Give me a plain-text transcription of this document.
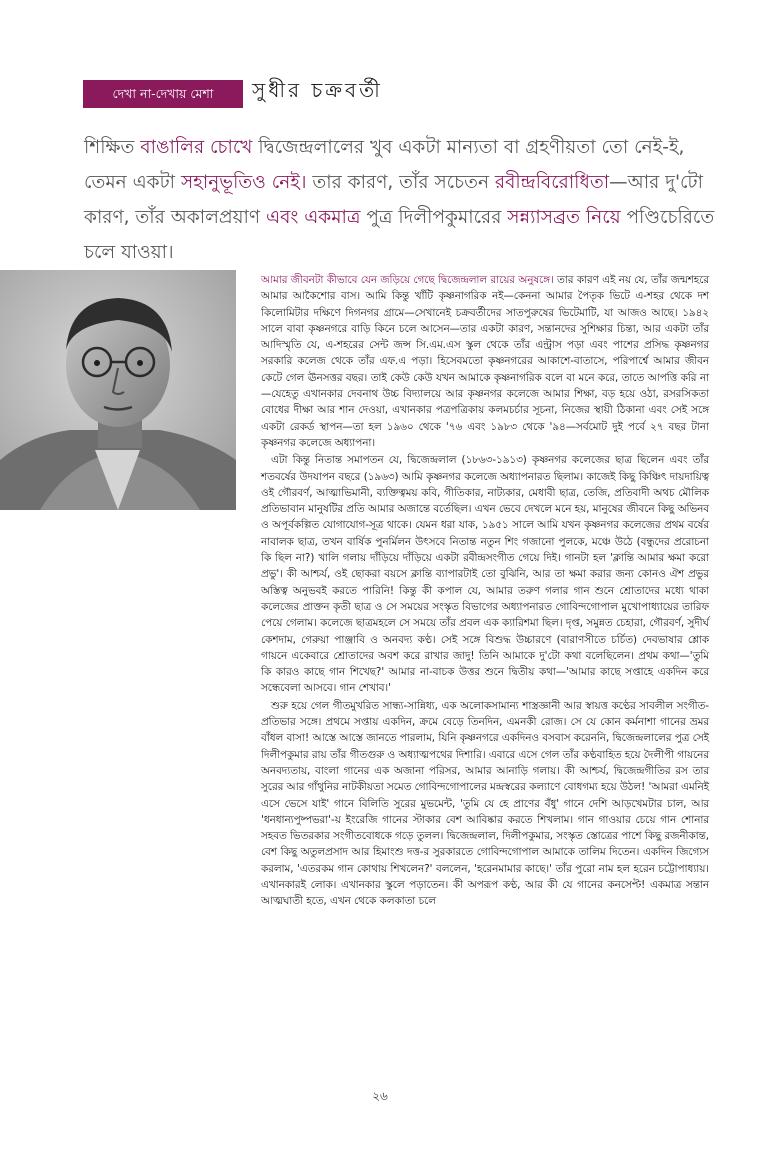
দেখা না-দেখায় মেশা	সুধীর চক্রবর্তী
শিক্ষিত বাঙালির চোখে দ্বিজেন্দ্রলালের খুব একটা মান্যতা বা গ্রহণীয়তা তো নেই-ই, তেমন একটা সহানুভূতিও নেই। তার কারণ, তাঁর সচেতন রবীন্দ্রবিরোধিতা—আর দু'টো কারণ, তাঁর অকালপ্রয়াণ এবং একমাত্র পুত্র দিলীপকুমারের সন্ন্যাসব্রত নিয়ে পণ্ডিচেরিতে চলে যাওয়া।

আমার জীবনটা কীভাবে যেন জড়িয়ে গেছে দ্বিজেন্দ্রলাল রায়ের অনুষঙ্গে। তার কারণ এই নয় যে, তাঁর জন্মশহরে আমার আকৈশোর বাস। আমি কিন্তু খাঁটি কৃষ্ণনাগরিক নই—কেননা আমার পৈতৃক ভিটে এ-শহর থেকে দশ কিলোমিটার দক্ষিণে দিগনগর গ্রামে—সেখানেই চক্রবর্তীদের সাতপুরুষের ভিটেমাটি, যা আজও আছে। ১৯৪২ সালে বাবা কৃষ্ণনগরে বাড়ি কিনে চলে আসেন—তার একটা কারণ, সন্তানদের সুশিক্ষার চিন্তা, আর একটা তাঁর আদিস্মৃতি যে, এ-শহরের সেন্ট জন্স সি.এম.এস স্কুল থেকে তাঁর এন্ট্রাস পড়া এবং পাশের প্রসিদ্ধ কৃষ্ণনগর সরকারি কলেজ থেকে তাঁর এফ.এ পড়া। হিসেবমতো কৃষ্ণনগরের আকাশে-বাতাসে, পরিপার্শ্বে আমার জীবন কেটে গেল ঊনসত্তর বছর। তাই কেউ কেউ যখন আমাকে কৃষ্ণনাগরিক বলে বা মনে করে, তাতে আপত্তি করি না—যেহেতু এখানকার দেবনাথ উচ্চ বিদ্যালয়ে আর কৃষ্ণনগর কলেজে আমার শিক্ষা, বড় হয়ে ওঠা, রসরসিকতা বোধের দীক্ষা আর শান দেওয়া, এখানকার পত্রপত্রিকায় কলমচর্চার সূচনা, নিজের স্থায়ী ঠিকানা এবং সেই সঙ্গে একটা রেকর্ড স্থাপন—তা হল ১৯৬০ থেকে '৭৬ এবং ১৯৮৩ থেকে '৯৪—সর্বমোট দুই পর্বে ২৭ বছর টানা কৃষ্ণনগর কলেজে অধ্যাপনা।

এটা কিন্তু নিতান্ত সমাপতন যে, দ্বিজেন্দ্রলাল (১৮৬৩-১৯১৩) কৃষ্ণনগর কলেজের ছাত্র ছিলেন এবং তাঁর শতবর্ষের উদযাপন বছরে (১৯৬৩) আমি কৃষ্ণনগর কলেজে অধ্যাপনারত ছিলাম। কাজেই কিছু কিঞ্চিৎ দায়দায়িত্ব ওই গৌরবর্ণ, আত্মাভিমানী, ব্যক্তিত্বময় কবি, গীতিকার, নাট্যকার, মেধাবী ছাত্র, তেজি, প্রতিবাদী অথচ মৌলিক প্রতিভাবান মানুষটির প্রতি আমার অজান্তে বর্তেছিল। এখন ভেবে দেখলে মনে হয়, মানুষের জীবনে কিছু অভিনব ও অপূর্বকল্পিত যোগাযোগ-সূত্র থাকে। যেমন ধরা যাক, ১৯৫১ সালে আমি যখন কৃষ্ণনগর কলেজের প্রথম বর্ষের নাবালক ছাত্র, তখন বার্ষিক পুনর্মিলন উৎসবে নিতান্ত নতুন শিং গজানো পুলকে, মঞ্চে উঠে (বন্ধুদের প্ররোচনা কি ছিল না?) খালি গলায় দাঁড়িয়ে দাঁড়িয়ে একটা রবীন্দ্রসংগীত গেয়ে দিই। গানটা হল 'ক্লান্তি আমার ক্ষমা করো প্রভু'। কী আশ্চর্য, ওই ছোকরা বয়সে ক্লান্তি ব্যাপারটাই তো বুঝিনি, আর তা ক্ষমা করার জন্য কোনও ঐশ প্রভুর অস্তিত্ব অনুভবই করতে পারিনি! কিন্তু কী কপাল যে, আমার তরুণ গলার গান শুনে শ্রোতাদের মধ্যে থাকা কলেজের প্রাক্তন কৃতী ছাত্র ও সে সময়ের সংস্কৃত বিভাগের অধ্যাপনারত গোবিন্দগোপাল মুখোপাধ্যায়ের তারিফ পেয়ে গেলাম। কলেজে ছাত্রমহলে সে সময়ে তাঁর প্রবল এক ক্যারিশমা ছিল। দৃপ্ত, সমুন্নত চেহারা, গৌরবর্ণ, সুদীর্ঘ কেশদাম, গেরুয়া পাঞ্জাবি ও অনবদ্য কণ্ঠ। সেই সঙ্গে বিশুদ্ধ উচ্চারণে (বারাণসীতে চর্চিত) দেবভাষার শ্লোক গায়নে একেবারে শ্রোতাদের অবশ করে রাখার জাদু! তিনি আমাকে দু'টো কথা বলেছিলেন। প্রথম কথা—'তুমি কি কারও কাছে গান শিখেছ?' আমার না-বাচক উত্তর শুনে দ্বিতীয় কথা—'আমার কাছে সপ্তাহে একদিন করে সন্ধেবেলা আসবে। গান শেখাব।'

শুরু হয়ে গেল গীতমুখরিত সান্ধ্য-সান্নিধ্য, এক অলোকসামান্য শাস্ত্রজ্ঞানী আর স্বায়ত্ত কণ্ঠের সাবলীল সংগীত-প্রতিভার সঙ্গে। প্রথমে সপ্তায় একদিন, ক্রমে বেড়ে তিনদিন, এমনকী রোজ। সে যে কোন কর্মনাশা গানের ভ্রমর বাঁধল বাসা! আস্তে আস্তে জানতে পারলাম, যিনি কৃষ্ণনগরে একদিনও বসবাস করেননি, দ্বিজেন্দ্রলালের পুত্র সেই দিলীপকুমার রায় তাঁর গীতগুরু ও অধ্যাত্মপথের দিশারি। এবারে এসে গেল তাঁর কণ্ঠবাহিত হয়ে দৈলীপী গায়নের অনবদ্যতায়, বাংলা গানের এক অজানা পরিসর, আমার আনাড়ি গলায়। কী আশ্চর্য, দ্বিজেন্দ্রগীতির রস তার সুরের আর গাঁথুনির নাটকীয়তা সমেত গোবিন্দগোপালের মন্দ্রস্বরের কল্যাণে বোধগম্য হয়ে উঠল! 'আমরা এমনিই এসে ভেসে যাই' গানে বিলিতি সুরের মুভমেন্ট, 'তুমি যে হে প্রাণের বঁধু' গানে দেশি আড়খেমটার চাল, আর 'ধনধান্যপুষ্পভরা'-য় ইংরেজি গানের স্টাকার বেশ আবিষ্কার করতে শিখলাম। গান গাওয়ার চেয়ে গান শোনার সহবত ভিতরকার সংগীতবোধকে গড়ে তুলল। দ্বিজেন্দ্রলাল, দিলীপকুমার, সংস্কৃত স্তোত্রের পাশে কিছু রজনীকান্ত, বেশ কিছু অতুলপ্রসাদ আর হিমাংশু দত্ত-র সুরকারতে গোবিন্দগোপাল আমাকে তালিম দিতেন। একদিন জিগ্যেস করলাম, 'এতরকম গান কোথায় শিখলেন?' বললেন, 'হরেনমামার কাছে।' তাঁর পুরো নাম হল হরেন চট্টোপাধ্যায়। এখানকারই লোক। এখানকার স্কুলে পড়াতেন। কী অপরূপ কণ্ঠ, আর কী যে গানের কনসেপ্ট! একমাত্র সন্তান আত্মঘাতী হতে, এখন থেকে কলকাতা চলে

২৬
